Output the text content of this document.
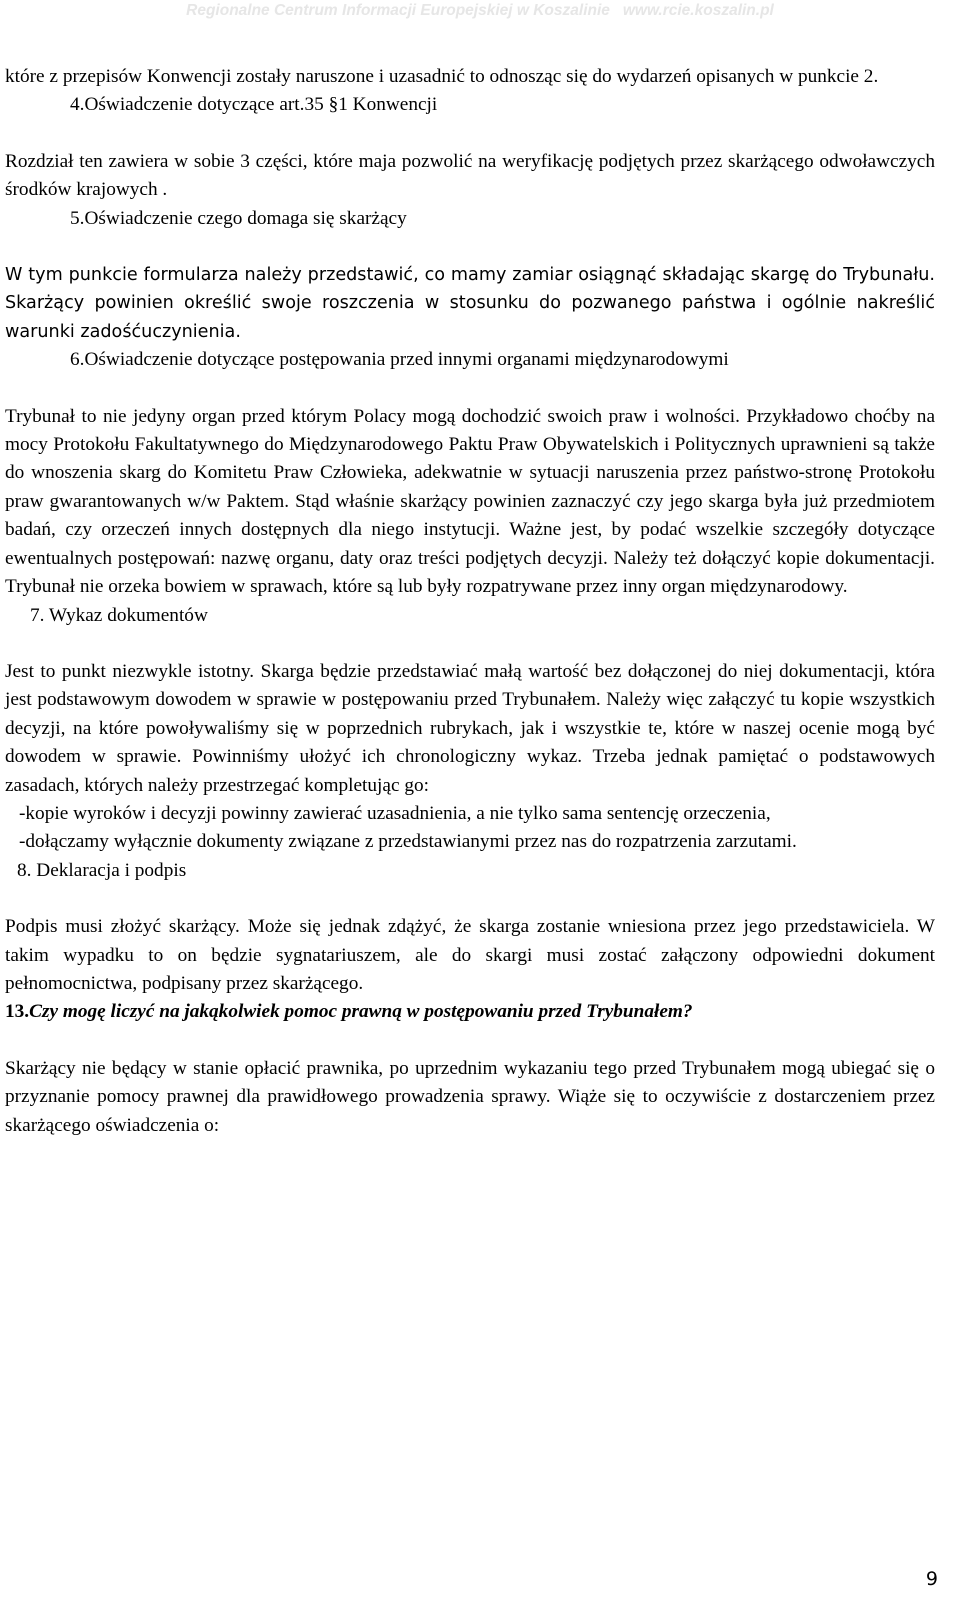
Regionalne Centrum Informacji Europejskiej w Koszalinie www.rcie.koszalin.pl

które z przepisów Konwencji zostały naruszone i uzasadnić to odnosząc się do wydarzeń opisanych w punkcie 2.

4.Oświadczenie dotyczące art.35 §1 Konwencji

Rozdział ten zawiera w sobie 3 części, które maja pozwolić na weryfikację podjętych przez skarżącego odwoławczych środków krajowych .

5.Oświadczenie czego domaga się skarżący

W tym punkcie formularza należy przedstawić, co mamy zamiar osiągnąć składając skargę do Trybunału. Skarżący powinien określić swoje roszczenia w stosunku do pozwanego państwa i ogólnie nakreślić warunki zadośćuczynienia.

6.Oświadczenie dotyczące postępowania przed innymi organami międzynarodowymi

Trybunał to nie jedyny organ przed którym Polacy mogą dochodzić swoich praw i wolności. Przykładowo choćby na mocy Protokołu Fakultatywnego do Międzynarodowego Paktu Praw Obywatelskich i Politycznych uprawnieni są także do wnoszenia skarg do Komitetu Praw Człowieka, adekwatnie w sytuacji naruszenia przez państwo-stronę Protokołu praw gwarantowanych w/w Paktem. Stąd właśnie skarżący powinien zaznaczyć czy jego skarga była już przedmiotem badań, czy orzeczeń innych dostępnych dla niego instytucji. Ważne jest, by podać wszelkie szczegóły dotyczące ewentualnych postępowań: nazwę organu, daty oraz treści podjętych decyzji. Należy też dołączyć kopie dokumentacji. Trybunał nie orzeka bowiem w sprawach, które są lub były rozpatrywane przez inny organ międzynarodowy.

7. Wykaz dokumentów

Jest to punkt niezwykle istotny. Skarga będzie przedstawiać małą wartość bez dołączonej do niej dokumentacji, która jest podstawowym dowodem w sprawie w postępowaniu przed Trybunałem. Należy więc załączyć tu kopie wszystkich decyzji, na które powoływaliśmy się w poprzednich rubrykach, jak i wszystkie te, które w naszej ocenie mogą być dowodem w sprawie. Powinniśmy ułożyć ich chronologiczny wykaz. Trzeba jednak pamiętać o podstawowych zasadach, których należy przestrzegać kompletując go:

-kopie wyroków i decyzji powinny zawierać uzasadnienia, a nie tylko sama sentencję orzeczenia,

-dołączamy wyłącznie dokumenty związane z przedstawianymi przez nas do rozpatrzenia zarzutami.

8. Deklaracja i podpis

Podpis musi złożyć skarżący. Może się jednak zdążyć, że skarga zostanie wniesiona przez jego przedstawiciela. W takim wypadku to on będzie sygnatariuszem, ale do skargi musi zostać załączony odpowiedni dokument pełnomocnictwa, podpisany przez skarżącego.

13.Czy mogę liczyć na jakąkolwiek pomoc prawną w postępowaniu przed Trybunałem?

Skarżący nie będący w stanie opłacić prawnika, po uprzednim wykazaniu tego przed Trybunałem mogą ubiegać się o przyznanie pomocy prawnej dla prawidłowego prowadzenia sprawy. Wiąże się to oczywiście z dostarczeniem przez skarżącego oświadczenia o:

9
